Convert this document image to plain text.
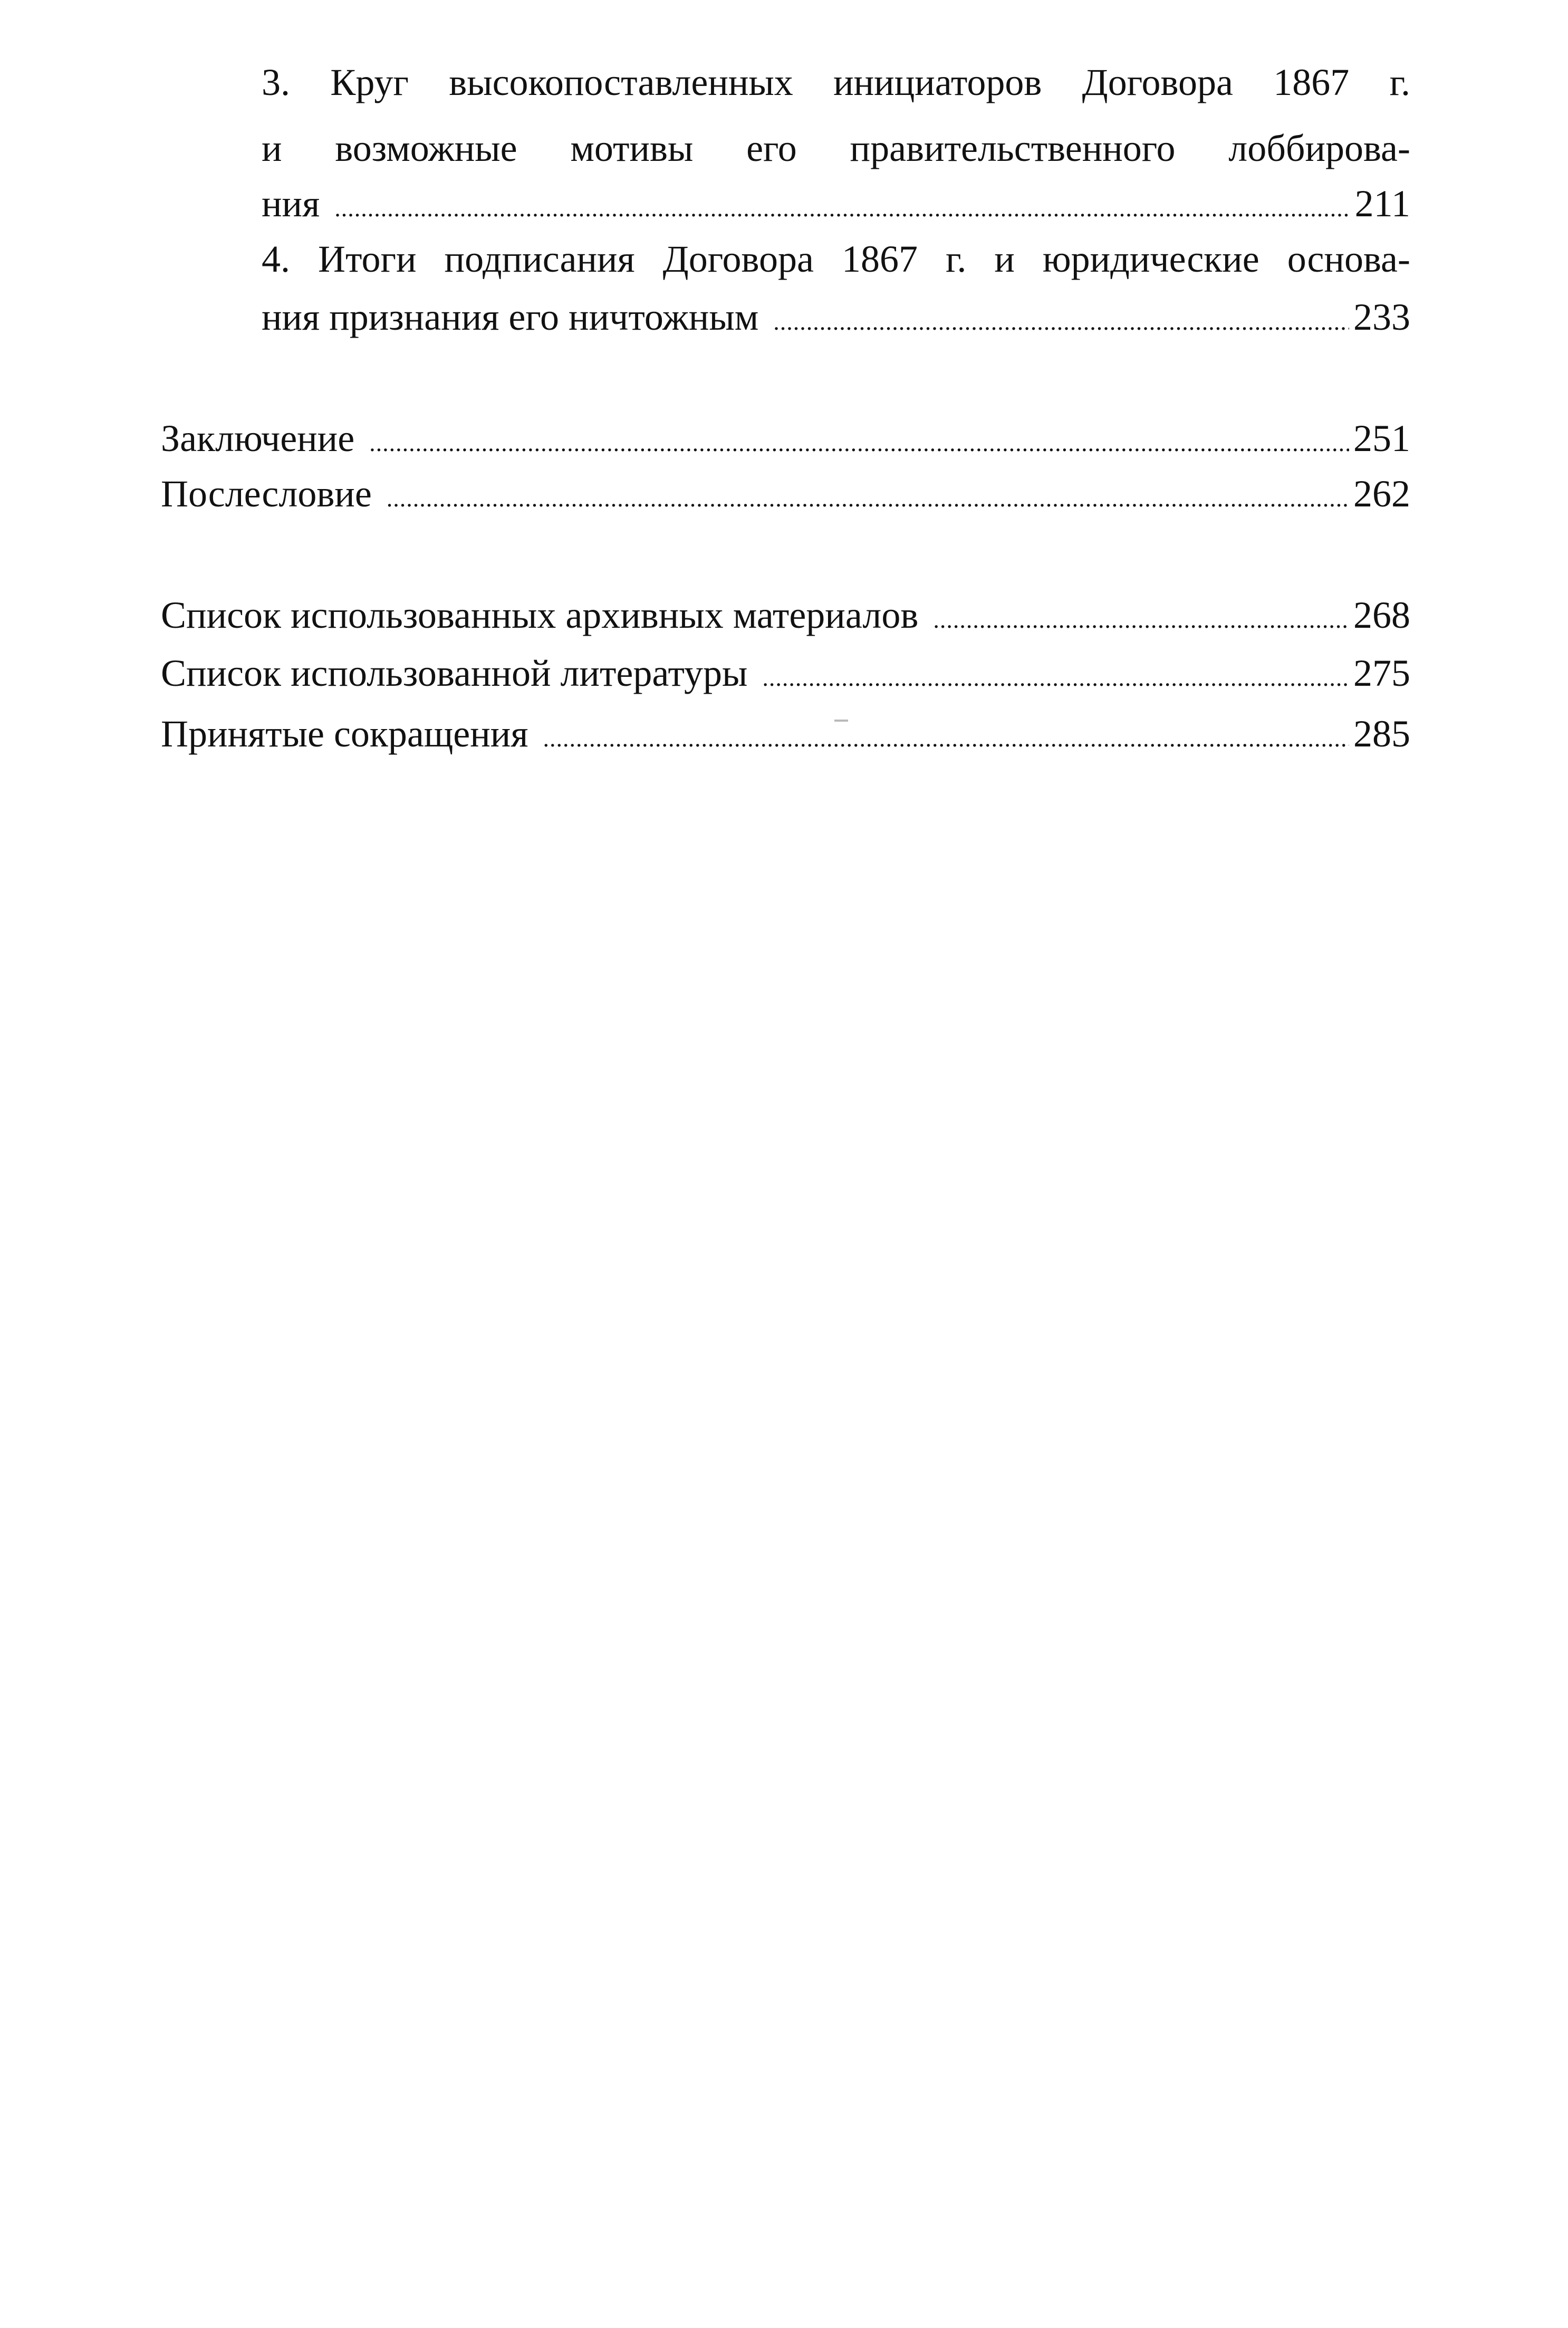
3. Круг высокопоставленных инициаторов Договора 1867 г.
и возможные мотивы его правительственного лоббирова-
ния .....	211
4. Итоги подписания Договора 1867 г. и юридические основа-
ния признания его ничтожным .....	233
Заключение .....	251
Послесловие .....	262
Список использованных архивных материалов .....	268
Список использованной литературы .....	275
Принятые сокращения .....	285
